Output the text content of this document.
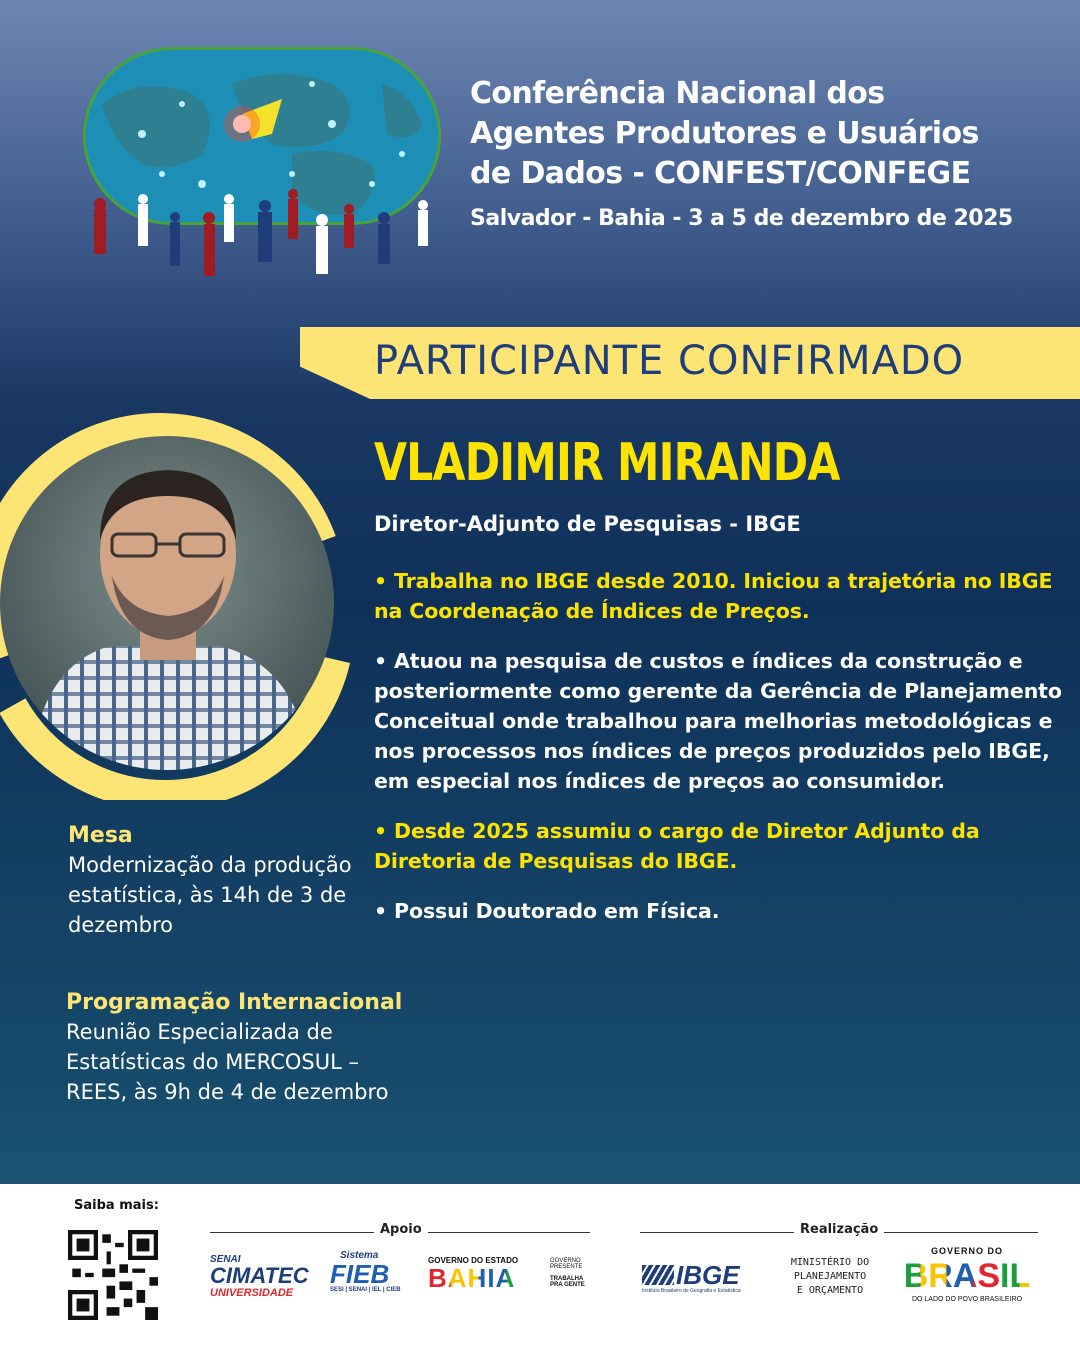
Conferência Nacional dos
Agentes Produtores e Usuários
de Dados - CONFEST/CONFEGE
Salvador - Bahia - 3 a 5 de dezembro de 2025
PARTICIPANTE CONFIRMADO
VLADIMIR MIRANDA
Diretor-Adjunto de Pesquisas - IBGE

• Trabalha no IBGE desde 2010. Iniciou a trajetória no IBGE na Coordenação de Índices de Preços.

• Atuou na pesquisa de custos e índices da construção e posteriormente como gerente da Gerência de Planejamento Conceitual onde trabalhou para melhorias metodológicas e nos processos nos índices de preços produzidos pelo IBGE, em especial nos índices de preços ao consumidor.

• Desde 2025 assumiu o cargo de Diretor Adjunto da Diretoria de Pesquisas do IBGE.

• Possui Doutorado em Física.

Mesa
Modernização da produção estatística, às 14h de 3 de dezembro
Programação Internacional
Reunião Especializada de Estatísticas do MERCOSUL – REES, às 9h de 4 de dezembro
Saiba mais:
Apoio	Realização
SENAI
CIMATEC
UNIVERSIDADE
Sistema
FIEB
SESI | SENAI | IEL | CIEB
GOVERNO DO ESTADO
BAHIA
GOVERNO PRESENTE
TRABALHA PRA GENTE	IBGE
Instituto Brasileiro de Geografia e Estatística
MINISTÉRIO DO
PLANEJAMENTO
E ORÇAMENTO
GOVERNO DO
BRASIL
DO LADO DO POVO BRASILEIRO
